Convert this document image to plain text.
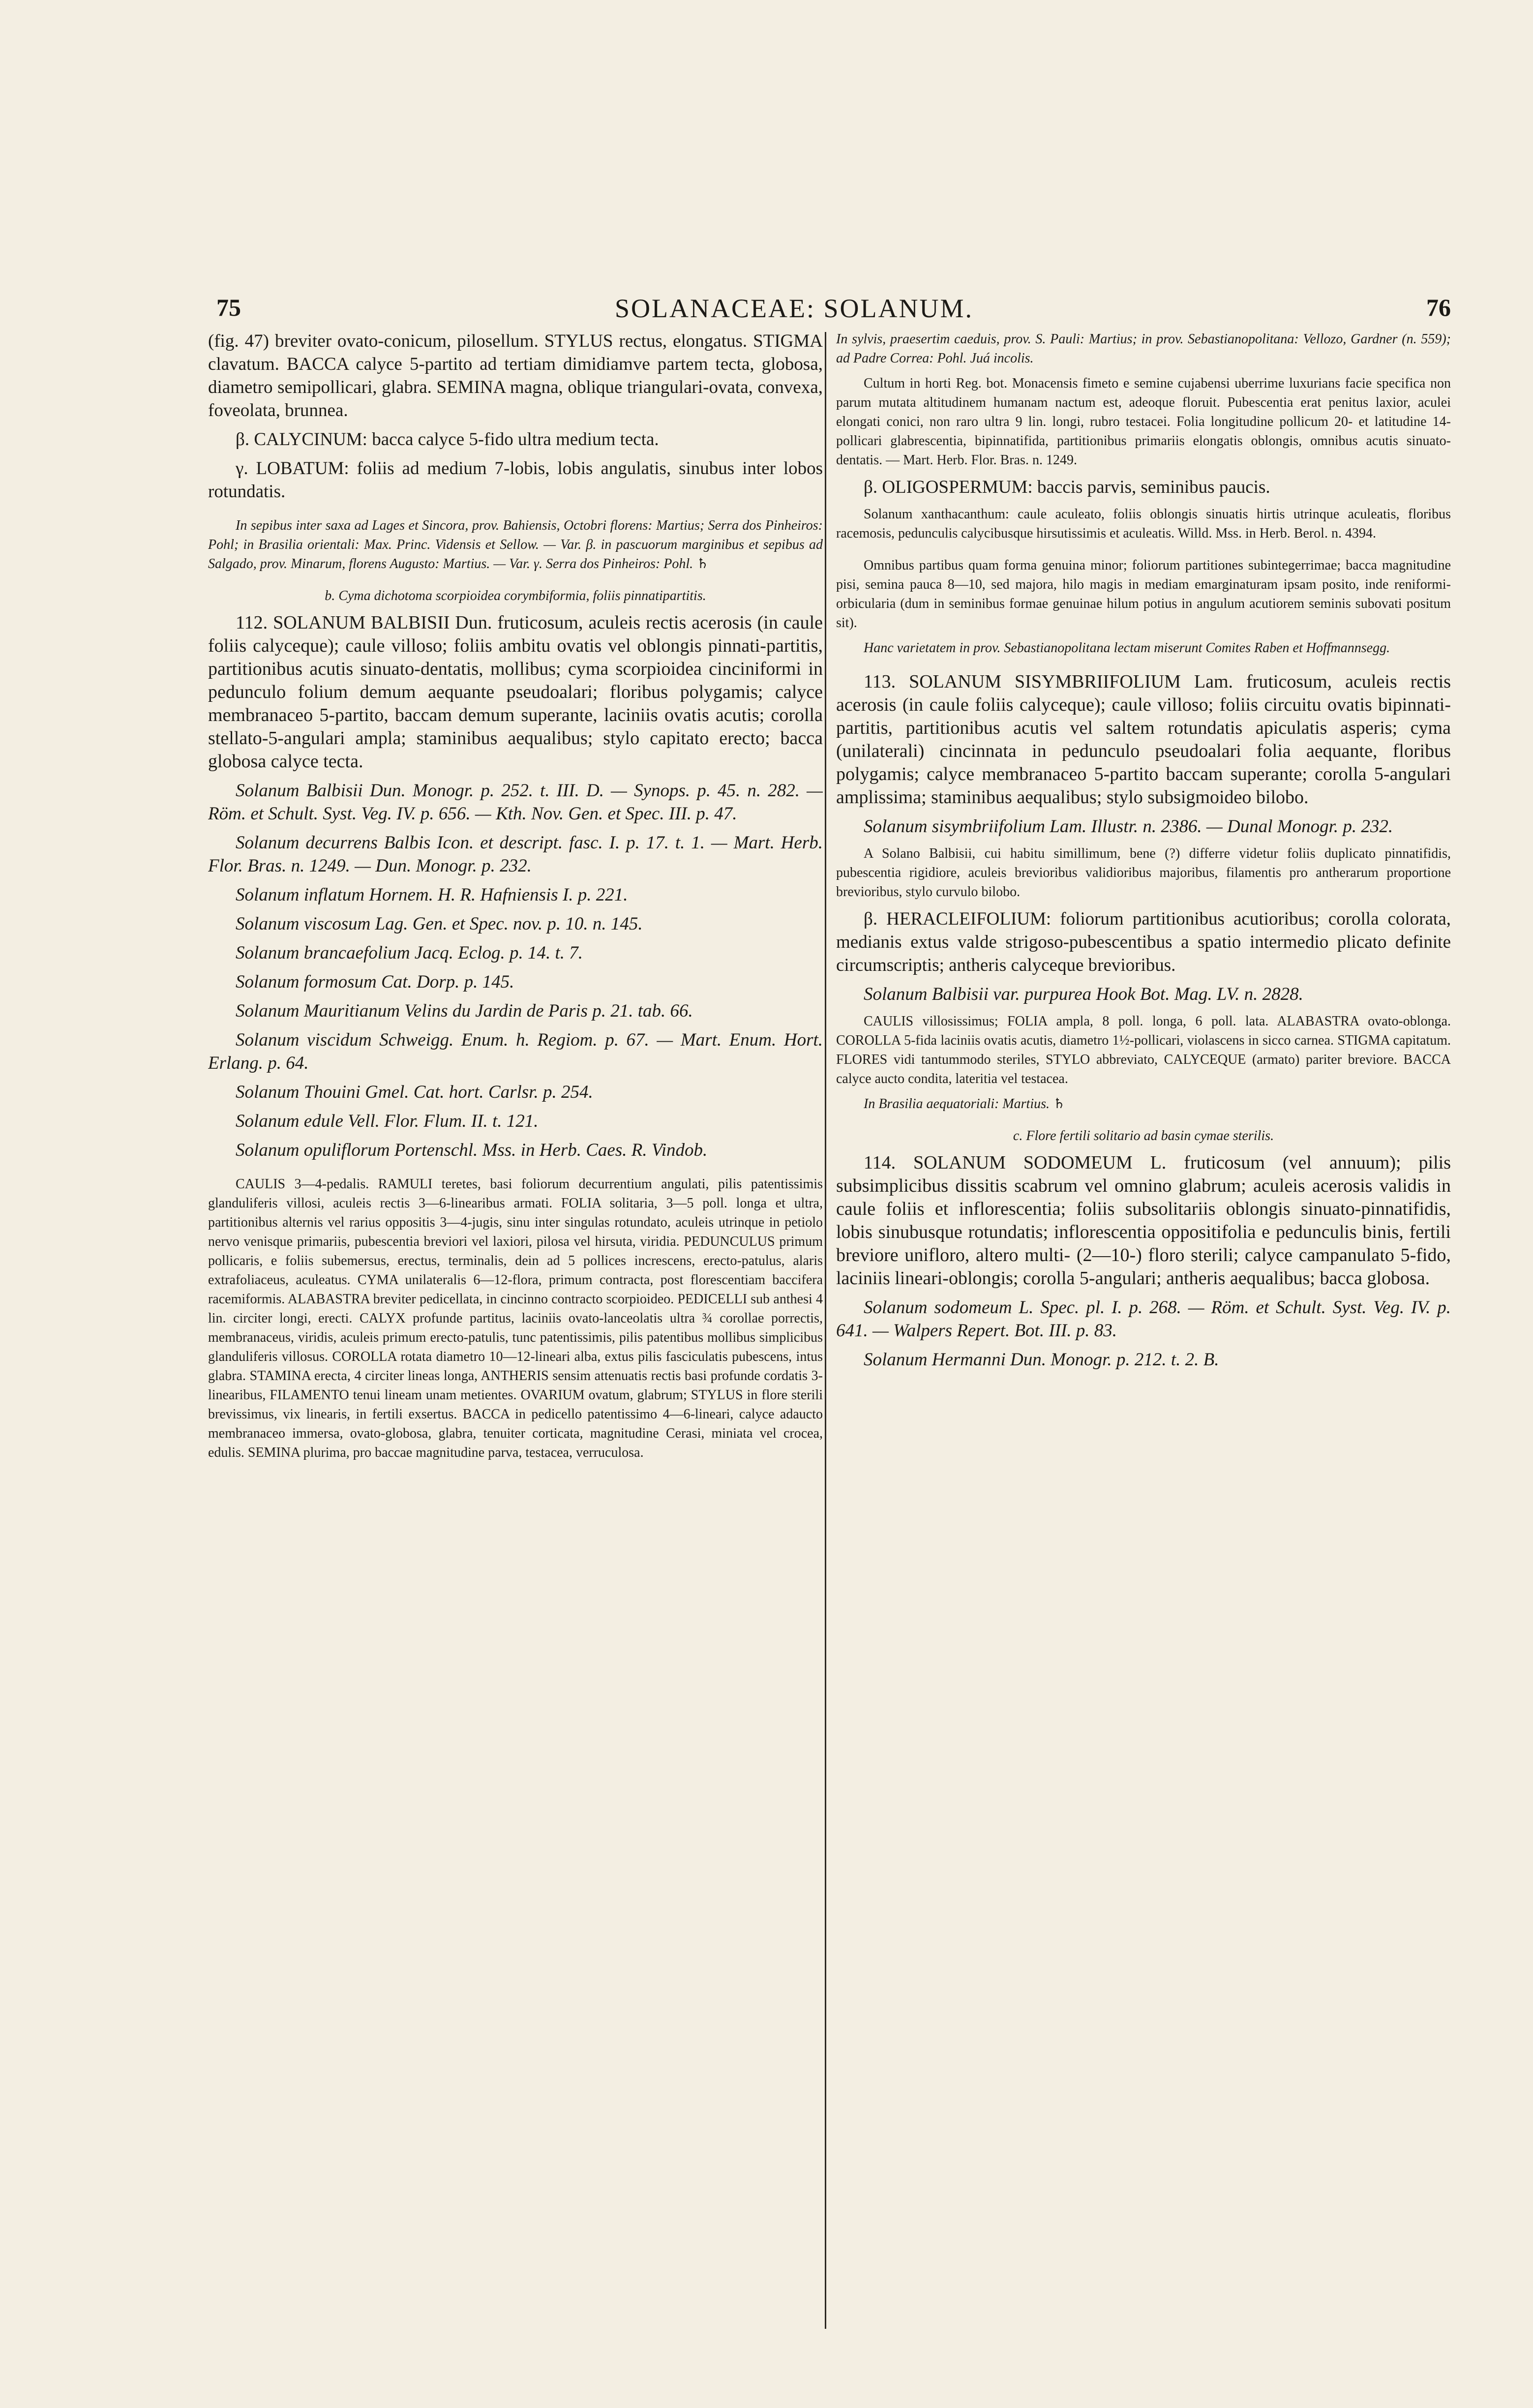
75	SOLANACEAE: SOLANUM.	76

(fig. 47) breviter ovato-conicum, pilosellum. STYLUS rectus, elongatus. STIGMA clavatum. BACCA calyce 5-partito ad tertiam dimidiamve partem tecta, globosa, diametro semipollicari, glabra. SEMINA magna, oblique triangulari-ovata, convexa, foveolata, brunnea.

β. CALYCINUM: bacca calyce 5-fido ultra medium tecta.

γ. LOBATUM: foliis ad medium 7-lobis, lobis angulatis, sinubus inter lobos rotundatis.

In sepibus inter saxa ad Lages et Sincora, prov. Bahiensis, Octobri florens: Martius; Serra dos Pinheiros: Pohl; in Brasilia orientali: Max. Princ. Vidensis et Sellow. — Var. β. in pascuorum marginibus et sepibus ad Salgado, prov. Minarum, florens Augusto: Martius. — Var. γ. Serra dos Pinheiros: Pohl. ♄

b. Cyma dichotoma scorpioidea corymbiformia, foliis pinnatipartitis.

112. SOLANUM BALBISII Dun. fruticosum, aculeis rectis acerosis (in caule foliis calyceque); caule villoso; foliis ambitu ovatis vel oblongis pinnati-partitis, partitionibus acutis sinuato-dentatis, mollibus; cyma scorpioidea cinciniformi in pedunculo folium demum aequante pseudoalari; floribus polygamis; calyce membranaceo 5-partito, baccam demum superante, laciniis ovatis acutis; corolla stellato-5-angulari ampla; staminibus aequalibus; stylo capitato erecto; bacca globosa calyce tecta.

Solanum Balbisii Dun. Monogr. p. 252. t. III. D. — Synops. p. 45. n. 282. — Röm. et Schult. Syst. Veg. IV. p. 656. — Kth. Nov. Gen. et Spec. III. p. 47.

Solanum decurrens Balbis Icon. et descript. fasc. I. p. 17. t. 1. — Mart. Herb. Flor. Bras. n. 1249. — Dun. Monogr. p. 232.

Solanum inflatum Hornem. H. R. Hafniensis I. p. 221.

Solanum viscosum Lag. Gen. et Spec. nov. p. 10. n. 145.

Solanum brancaefolium Jacq. Eclog. p. 14. t. 7.

Solanum formosum Cat. Dorp. p. 145.

Solanum Mauritianum Velins du Jardin de Paris p. 21. tab. 66.

Solanum viscidum Schweigg. Enum. h. Regiom. p. 67. — Mart. Enum. Hort. Erlang. p. 64.

Solanum Thouini Gmel. Cat. hort. Carlsr. p. 254.

Solanum edule Vell. Flor. Flum. II. t. 121.

Solanum opuliflorum Portenschl. Mss. in Herb. Caes. R. Vindob.

CAULIS 3—4-pedalis. RAMULI teretes, basi foliorum decurrentium angulati, pilis patentissimis glanduliferis villosi, aculeis rectis 3—6-linearibus armati. FOLIA solitaria, 3—5 poll. longa et ultra, partitionibus alternis vel rarius oppositis 3—4-jugis, sinu inter singulas rotundato, aculeis utrinque in petiolo nervo venisque primariis, pubescentia breviori vel laxiori, pilosa vel hirsuta, viridia. PEDUNCULUS primum pollicaris, e foliis subemersus, erectus, terminalis, dein ad 5 pollices increscens, erecto-patulus, alaris extrafoliaceus, aculeatus. CYMA unilateralis 6—12-flora, primum contracta, post florescentiam baccifera racemiformis. ALABASTRA breviter pedicellata, in cincinno contracto scorpioideo. PEDICELLI sub anthesi 4 lin. circiter longi, erecti. CALYX profunde partitus, laciniis ovato-lanceolatis ultra ¾ corollae porrectis, membranaceus, viridis, aculeis primum erecto-patulis, tunc patentissimis, pilis patentibus mollibus simplicibus glanduliferis villosus. COROLLA rotata diametro 10—12-lineari alba, extus pilis fasciculatis pubescens, intus glabra. STAMINA erecta, 4 circiter lineas longa, ANTHERIS sensim attenuatis rectis basi profunde cordatis 3-linearibus, FILAMENTO tenui lineam unam metientes. OVARIUM ovatum, glabrum; STYLUS in flore sterili brevissimus, vix linearis, in fertili exsertus. BACCA in pedicello patentissimo 4—6-lineari, calyce adaucto membranaceo immersa, ovato-globosa, glabra, tenuiter corticata, magnitudine Cerasi, miniata vel crocea, edulis. SEMINA plurima, pro baccae magnitudine parva, testacea, verruculosa.

In sylvis, praesertim caeduis, prov. S. Pauli: Martius; in prov. Sebastianopolitana: Vellozo, Gardner (n. 559); ad Padre Correa: Pohl. Juá incolis.

Cultum in horti Reg. bot. Monacensis fimeto e semine cujabensi uberrime luxurians facie specifica non parum mutata altitudinem humanam nactum est, adeoque floruit. Pubescentia erat penitus laxior, aculei elongati conici, non raro ultra 9 lin. longi, rubro testacei. Folia longitudine pollicum 20- et latitudine 14-pollicari glabrescentia, bipinnatifida, partitionibus primariis elongatis oblongis, omnibus acutis sinuato-dentatis. — Mart. Herb. Flor. Bras. n. 1249.

β. OLIGOSPERMUM: baccis parvis, seminibus paucis.

Solanum xanthacanthum: caule aculeato, foliis oblongis sinuatis hirtis utrinque aculeatis, floribus racemosis, pedunculis calycibusque hirsutissimis et aculeatis. Willd. Mss. in Herb. Berol. n. 4394.

Omnibus partibus quam forma genuina minor; foliorum partitiones subintegerrimae; bacca magnitudine pisi, semina pauca 8—10, sed majora, hilo magis in mediam emarginaturam ipsam posito, inde reniformi-orbicularia (dum in seminibus formae genuinae hilum potius in angulum acutiorem seminis subovati positum sit).

Hanc varietatem in prov. Sebastianopolitana lectam miserunt Comites Raben et Hoffmannsegg.

113. SOLANUM SISYMBRIIFOLIUM Lam. fruticosum, aculeis rectis acerosis (in caule foliis calyceque); caule villoso; foliis circuitu ovatis bipinnati-partitis, partitionibus acutis vel saltem rotundatis apiculatis asperis; cyma (unilaterali) cincinnata in pedunculo pseudoalari folia aequante, floribus polygamis; calyce membranaceo 5-partito baccam superante; corolla 5-angulari amplissima; staminibus aequalibus; stylo subsigmoideo bilobo.

Solanum sisymbriifolium Lam. Illustr. n. 2386. — Dunal Monogr. p. 232.

A Solano Balbisii, cui habitu simillimum, bene (?) differre videtur foliis duplicato pinnatifidis, pubescentia rigidiore, aculeis brevioribus validioribus majoribus, filamentis pro antherarum proportione brevioribus, stylo curvulo bilobo.

β. HERACLEIFOLIUM: foliorum partitionibus acutioribus; corolla colorata, medianis extus valde strigoso-pubescentibus a spatio intermedio plicato definite circumscriptis; antheris calyceque brevioribus.

Solanum Balbisii var. purpurea Hook Bot. Mag. LV. n. 2828.

CAULIS villosissimus; FOLIA ampla, 8 poll. longa, 6 poll. lata. ALABASTRA ovato-oblonga. COROLLA 5-fida laciniis ovatis acutis, diametro 1½-pollicari, violascens in sicco carnea. STIGMA capitatum. FLORES vidi tantummodo steriles, STYLO abbreviato, CALYCEQUE (armato) pariter breviore. BACCA calyce aucto condita, lateritia vel testacea.

In Brasilia aequatoriali: Martius. ♄

c. Flore fertili solitario ad basin cymae sterilis.

114. SOLANUM SODOMEUM L. fruticosum (vel annuum); pilis subsimplicibus dissitis scabrum vel omnino glabrum; aculeis acerosis validis in caule foliis et inflorescentia; foliis subsolitariis oblongis sinuato-pinnatifidis, lobis sinubusque rotundatis; inflorescentia oppositifolia e pedunculis binis, fertili breviore unifloro, altero multi- (2—10-) floro sterili; calyce campanulato 5-fido, laciniis lineari-oblongis; corolla 5-angulari; antheris aequalibus; bacca globosa.

Solanum sodomeum L. Spec. pl. I. p. 268. — Röm. et Schult. Syst. Veg. IV. p. 641. — Walpers Repert. Bot. III. p. 83.

Solanum Hermanni Dun. Monogr. p. 212. t. 2. B.
